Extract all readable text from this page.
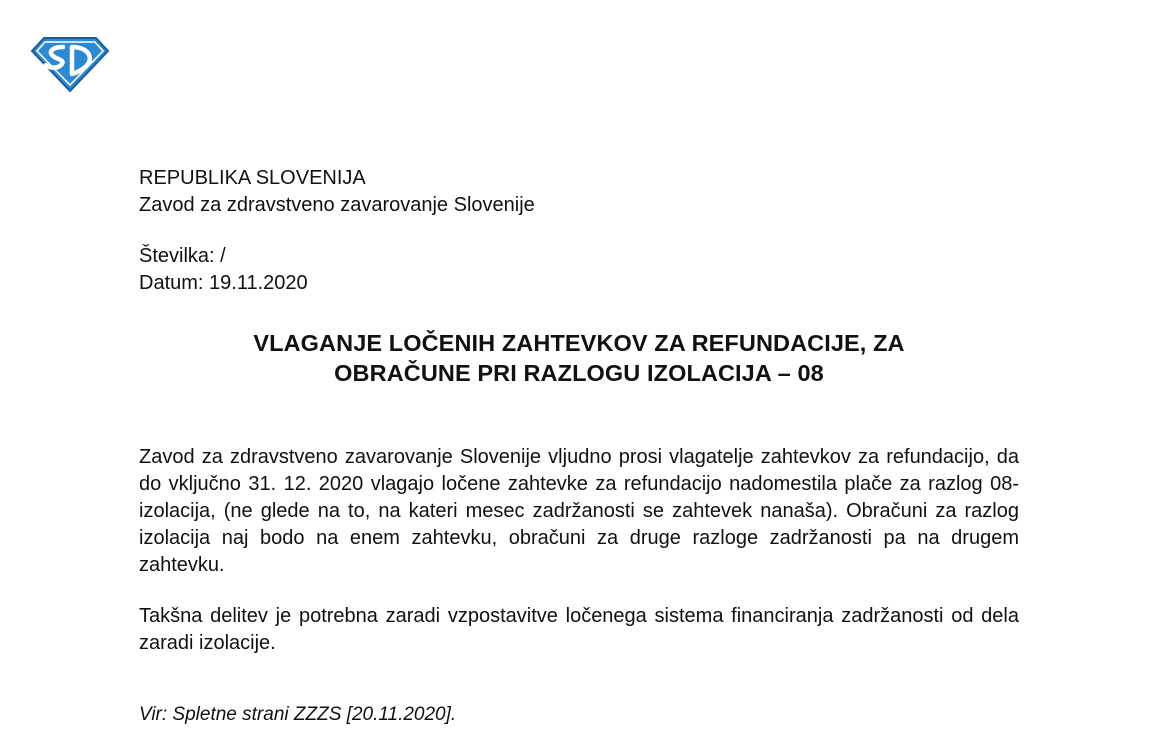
REPUBLIKA SLOVENIJA
Zavod za zdravstveno zavarovanje Slovenije
Številka: /
Datum: 19.11.2020
VLAGANJE LOČENIH ZAHTEVKOV ZA REFUNDACIJE, ZA
OBRAČUNE PRI RAZLOGU IZOLACIJA – 08

Zavod za zdravstveno zavarovanje Slovenije vljudno prosi vlagatelje zahtevkov za refundacijo, da do vključno 31. 12. 2020 vlagajo ločene zahtevke za refundacijo nadomestila plače za razlog 08-izolacija, (ne glede na to, na kateri mesec zadržanosti se zahtevek nanaša). Obračuni za razlog izolacija naj bodo na enem zahtevku, obračuni za druge razloge zadržanosti pa na drugem zahtevku.

Takšna delitev je potrebna zaradi vzpostavitve ločenega sistema financiranja zadržanosti od dela zaradi izolacije.

Vir: Spletne strani ZZZS [20.11.2020].
